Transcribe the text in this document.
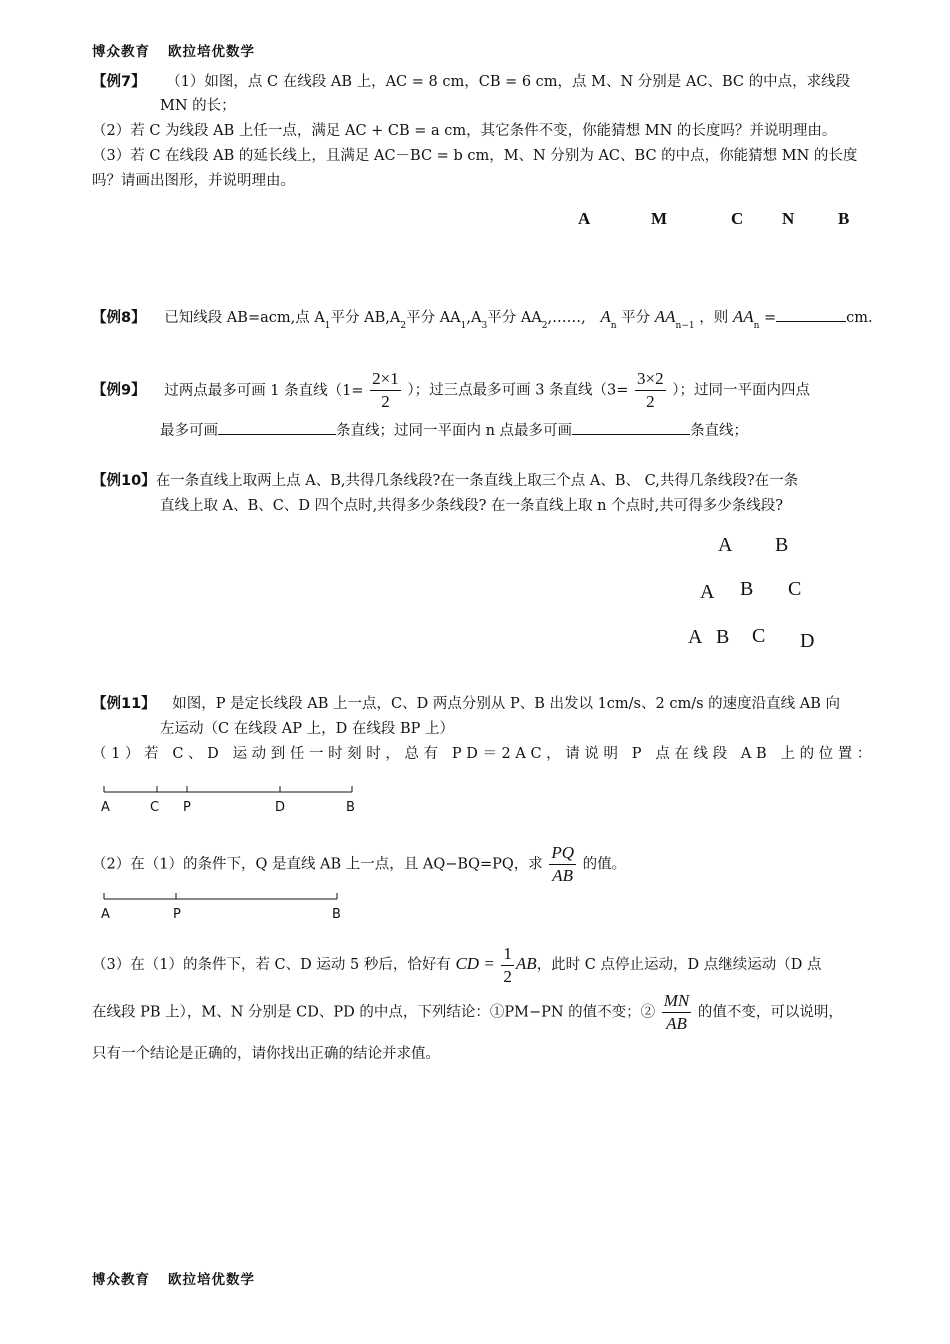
博众教育 欧拉培优数学
【例7】 （1）如图，点 C 在线段 AB 上，AC = 8 cm，CB = 6 cm，点 M、N 分别是 AC、BC 的中点，求线段
MN 的长；
（2）若 C 为线段 AB 上任一点，满足 AC + CB = a cm，其它条件不变，你能猜想 MN 的长度吗？并说明理由。
（3）若 C 在线段 AB 的延长线上，且满足 AC－BC = b cm，M、N 分别为 AC、BC 的中点，你能猜想 MN 的长度
吗？请画出图形，并说明理由。
A	M	C N	B
【例8】 已知线段 AB=acm,点 $A_1$平分 $AB,A_2$平分 $AA_1,A_3$平分 $AA_2,\dots\dots$, $A_n$ 平分 $AA_{n-1}$ ，则 $AA_n$ =	cm.
【例9】 过两点最多可画 1 条直线（$1= \frac{2\times 1}{2}$ ）；过三点最多可画 3 条直线（$3= \frac{3\times 2}{2}$ ）；过同一平面内四点
最多可画	条直线；过同一平面内 n 点最多可画	条直线；
【例10】在一条直线上取两上点 A、B,共得几条线段?在一条直线上取三个点 A、B、 C,共得几条线段?在一条
直线上取 A、B、C、D 四个点时,共得多少条线段? 在一条直线上取 n 个点时,共可得多少条线段?
A B
A B C
A B C D
【例11】 如图，P 是定长线段 AB 上一点，C、D 两点分别从 P、B 出发以 1cm/s、2 cm/s 的速度沿直线 AB 向
左运动（C 在线段 AP 上，D 在线段 BP 上）
（1）若 C、D 运动到任一时刻时，总有 PD＝2AC，请说明 P 点在线段 AB 上的位置：
A	C P	D	B
（2）在（1）的条件下，Q 是直线 AB 上一点，且 AQ−BQ=PQ，求 $\frac{PQ}{AB}$ 的值。
A	P	B
（3）在（1）的条件下，若 C、D 运动 5 秒后，恰好有 CD = $\frac{1}{2}$ AB，此时 C 点停止运动，D 点继续运动（D 点
在线段 PB 上），M、N 分别是 CD、PD 的中点，下列结论：①PM−PN 的值不变；② $\frac{MN}{AB}$ 的值不变，可以说明，
只有一个结论是正确的，请你找出正确的结论并求值。
博众教育 欧拉培优数学
